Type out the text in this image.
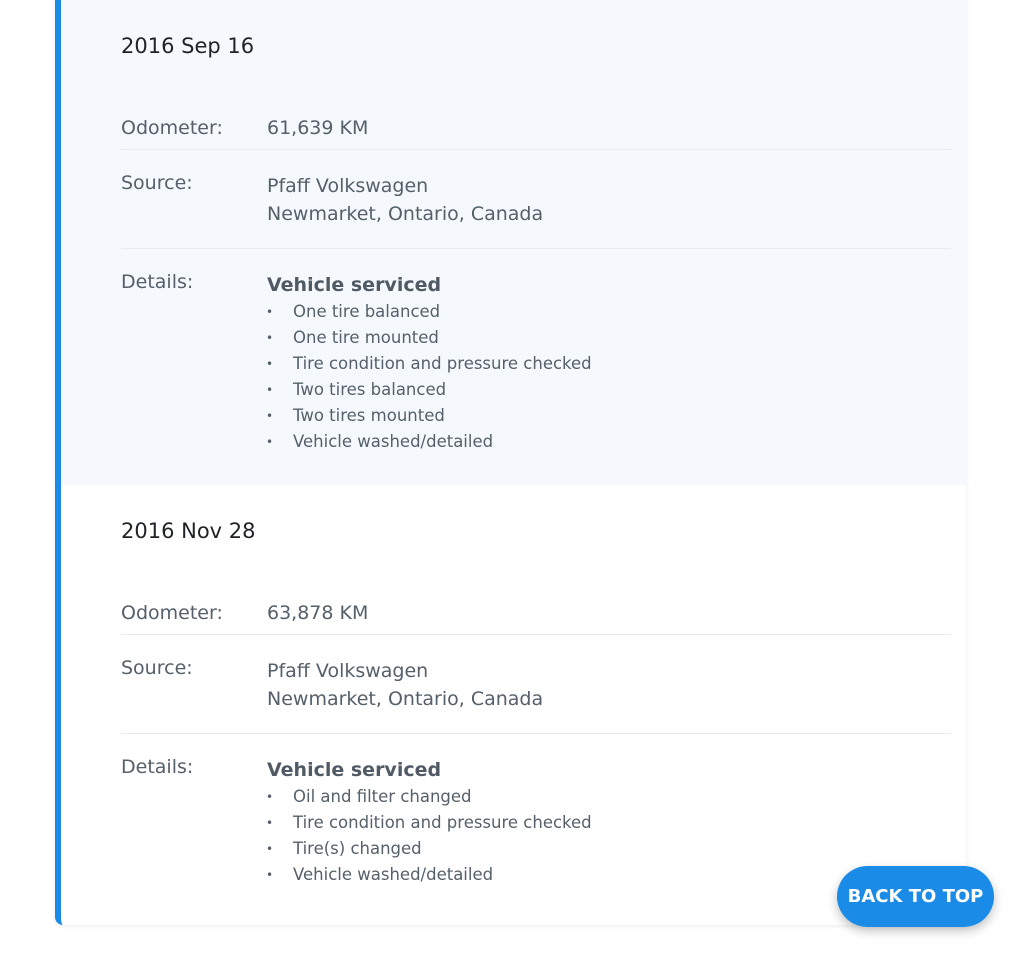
2016 Sep 16
Odometer:	61,639 KM
Source:	Pfaff Volkswagen
Newmarket, Ontario, Canada
Details:	Vehicle serviced
• One tire balanced
• One tire mounted
• Tire condition and pressure checked
• Two tires balanced
• Two tires mounted
• Vehicle washed/detailed
2016 Nov 28
Odometer:	63,878 KM
Source:	Pfaff Volkswagen
Newmarket, Ontario, Canada
Details:	Vehicle serviced
• Oil and filter changed
• Tire condition and pressure checked
• Tire(s) changed
• Vehicle washed/detailed
BACK TO TOP
